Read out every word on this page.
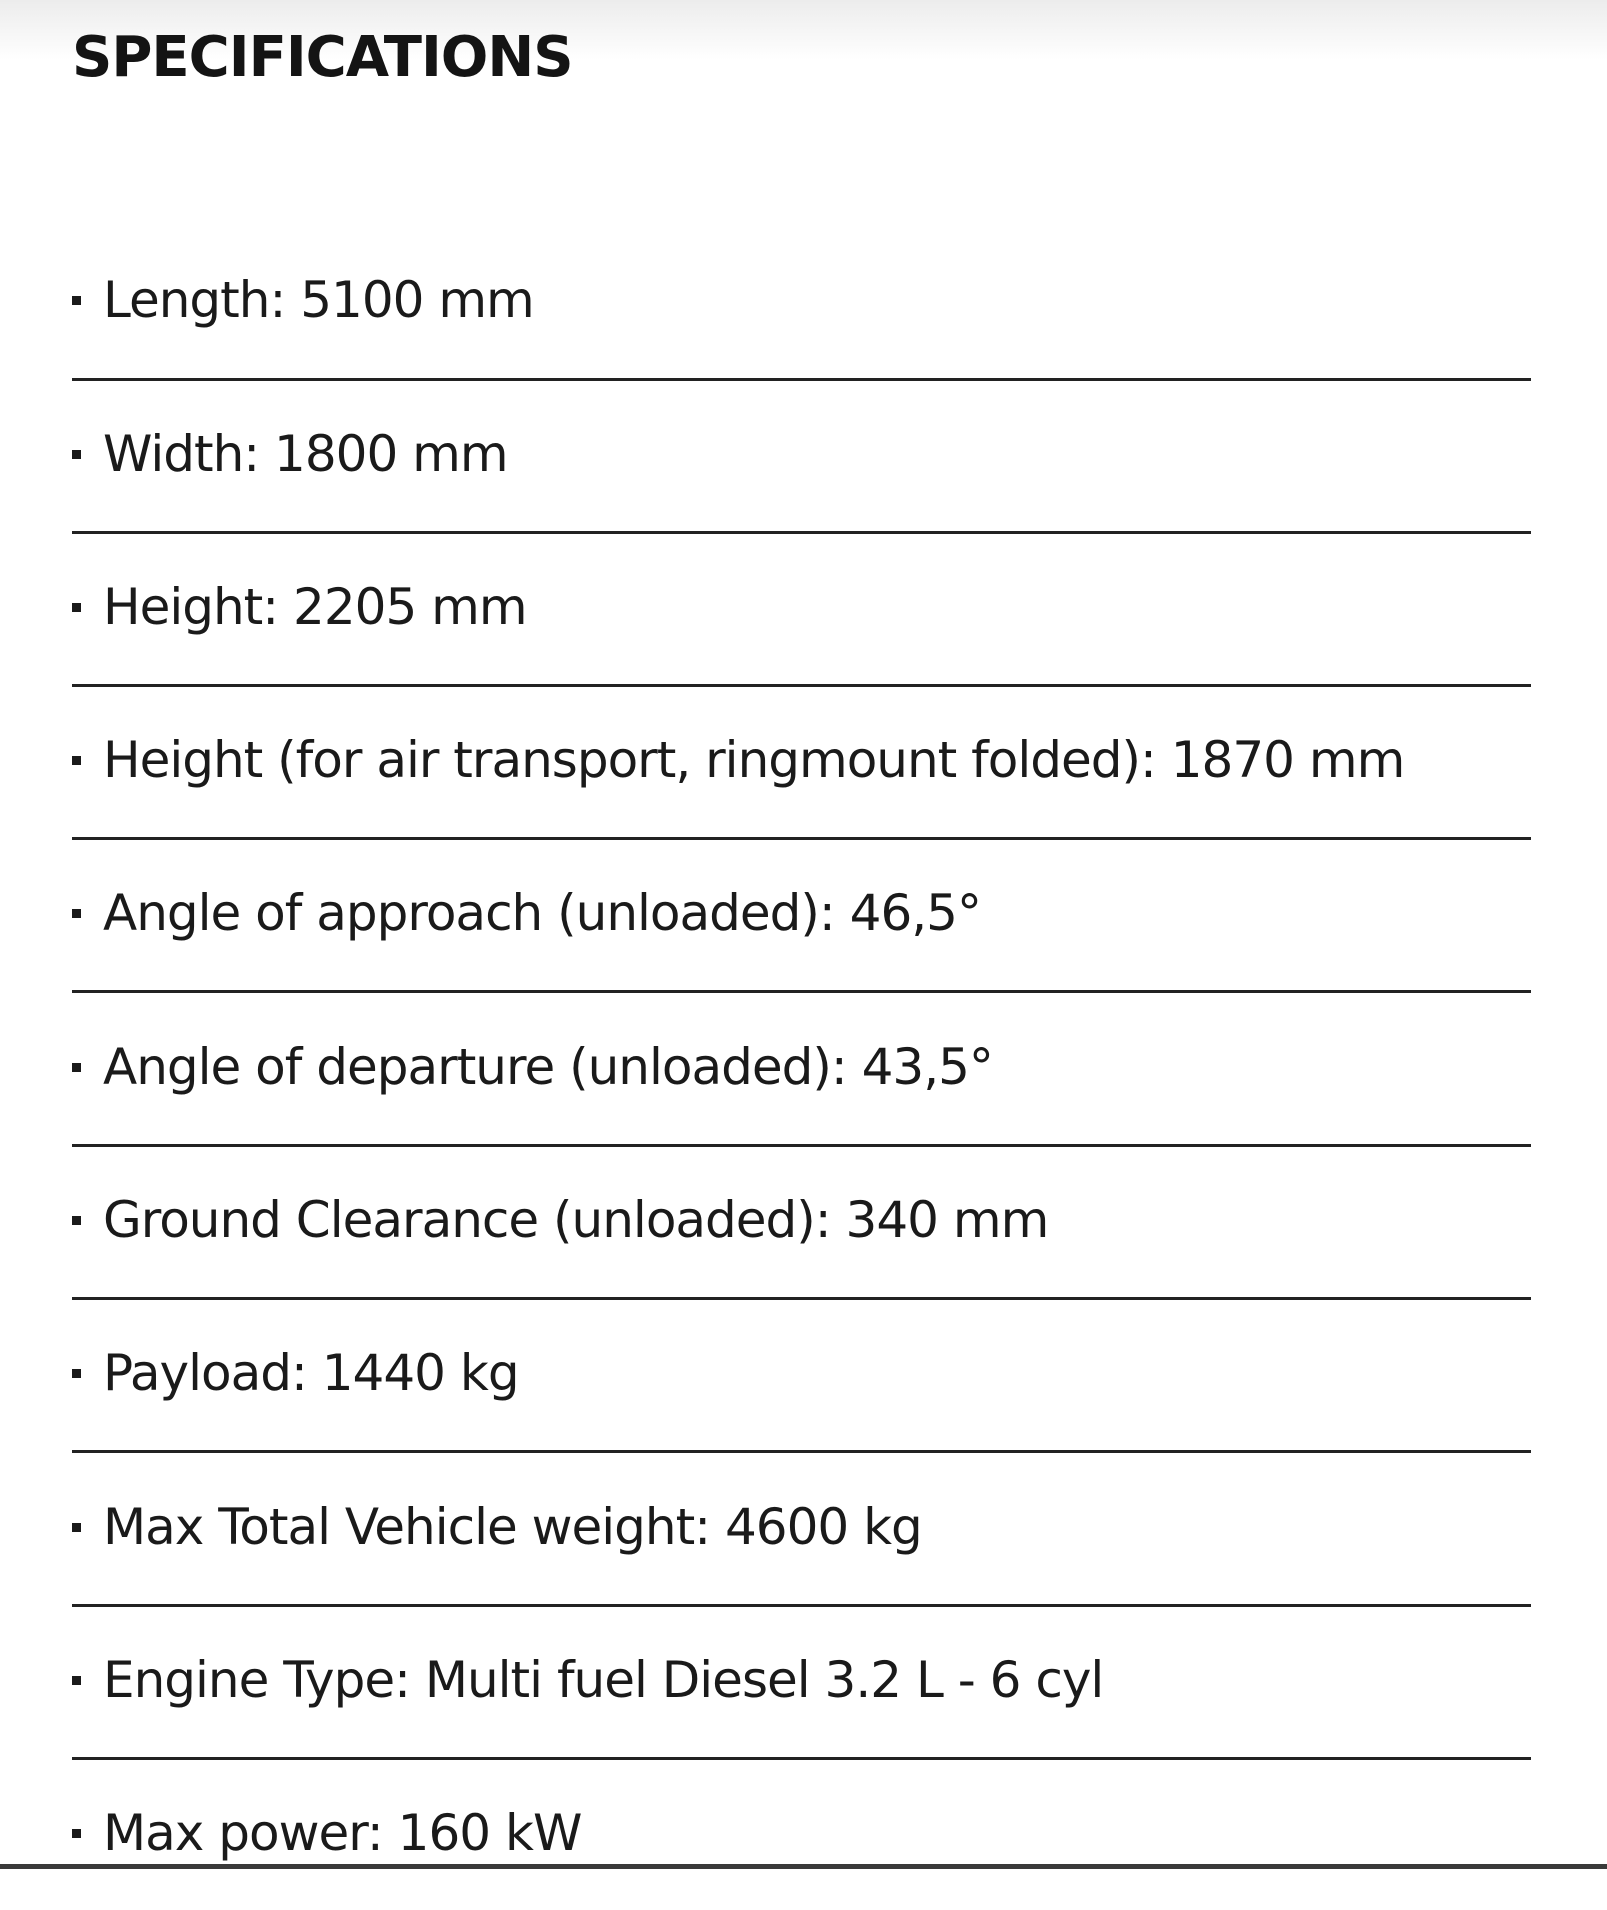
SPECIFICATIONS
Length: 5100 mm
Width: 1800 mm
Height: 2205 mm
Height (for air transport, ringmount folded): 1870 mm
Angle of approach (unloaded): 46,5°
Angle of departure (unloaded): 43,5°
Ground Clearance (unloaded): 340 mm
Payload: 1440 kg
Max Total Vehicle weight: 4600 kg
Engine Type: Multi fuel Diesel 3.2 L - 6 cyl
Max power: 160 kW
